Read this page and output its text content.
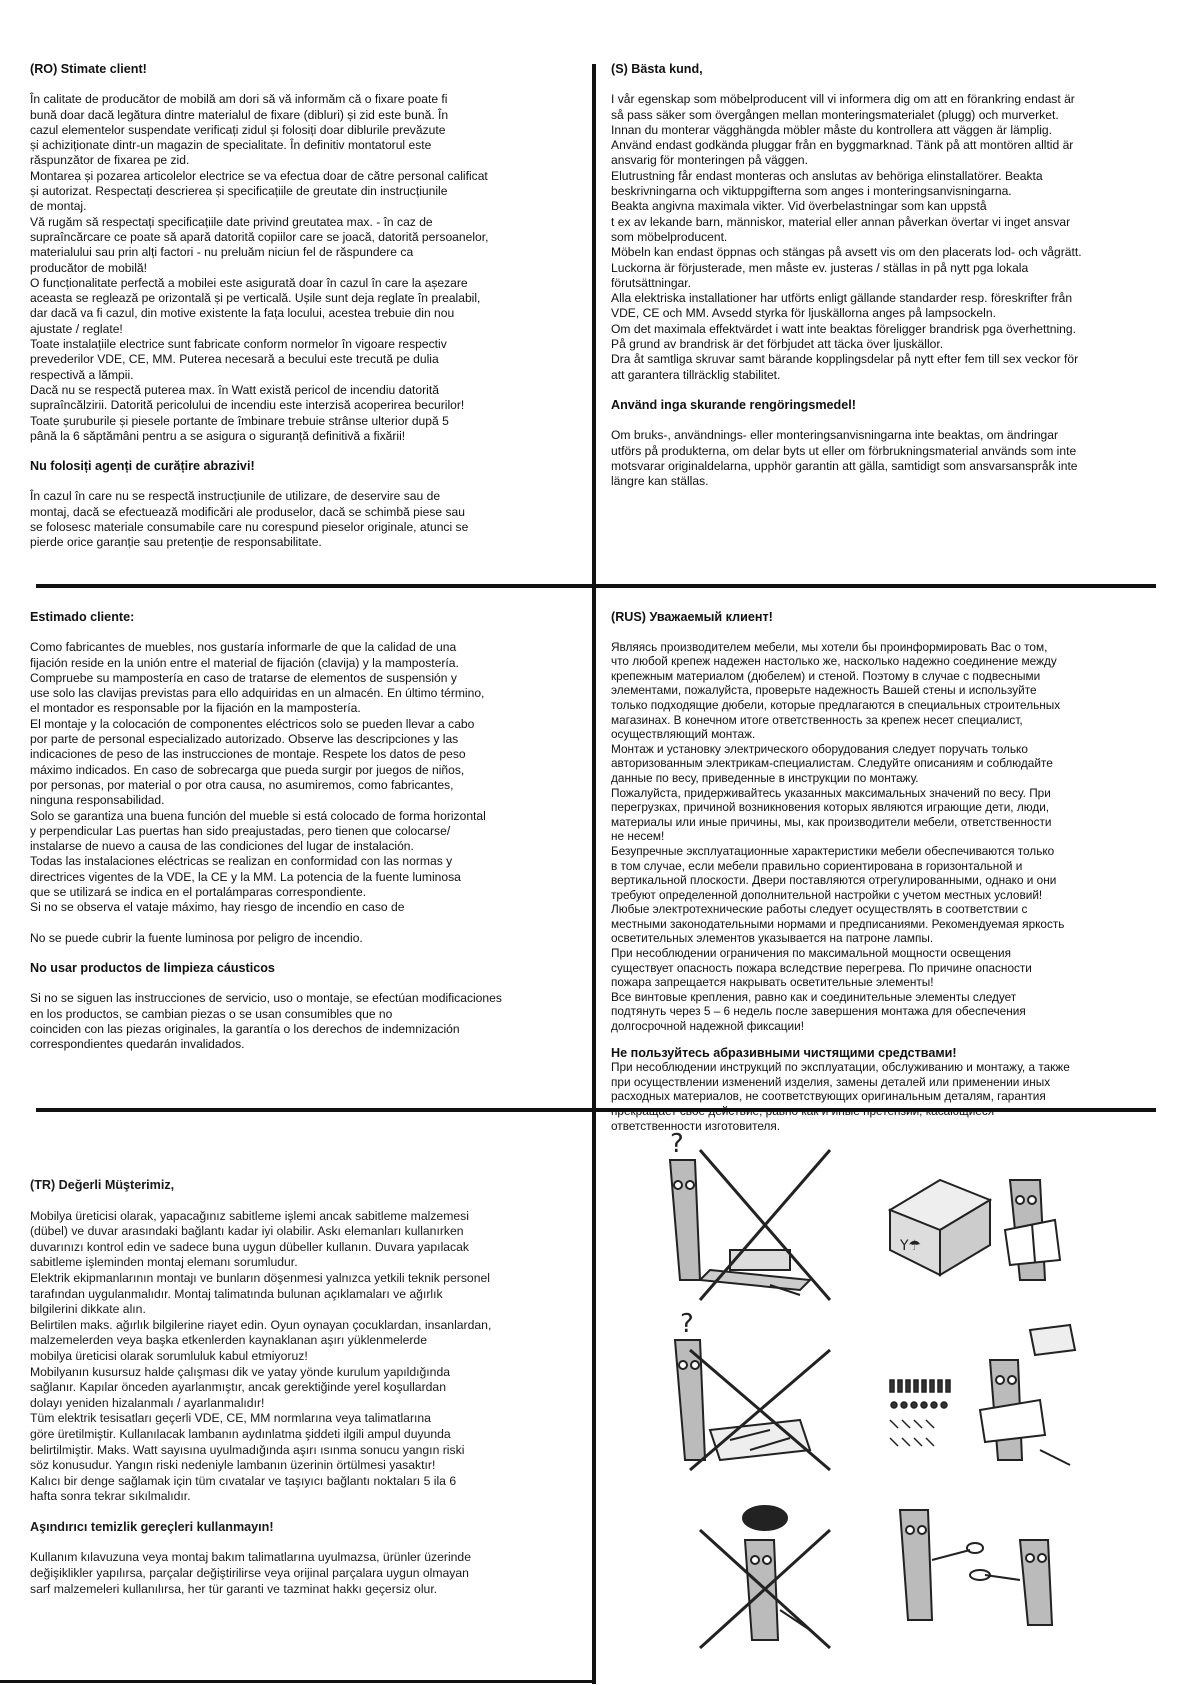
(RO) Stimate client!
În calitate de producător de mobilă am dori să vă informăm că o fixare poate fi
bună doar dacă legătura dintre materialul de fixare (dibluri) și zid este bună. În
cazul elementelor suspendate verificați zidul și folosiți doar diblurile prevăzute
și achiziționate dintr-un magazin de specialitate. În definitiv montatorul este
răspunzător de fixarea pe zid.
Montarea și pozarea articolelor electrice se va efectua doar de către personal calificat
și autorizat. Respectați descrierea și specificațiile de greutate din instrucțiunile
de montaj.
Vă rugăm să respectați specificațiile date privind greutatea max. - în caz de
supraîncărcare ce poate să apară datorită copiilor care se joacă, datorită persoanelor,
materialului sau prin alți factori - nu preluăm niciun fel de răspundere ca
producător de mobilă!
O funcționalitate perfectă a mobilei este asigurată doar în cazul în care la așezare
aceasta se reglează pe orizontală și pe verticală. Ușile sunt deja reglate în prealabil,
dar dacă va fi cazul, din motive existente la fața locului, acestea trebuie din nou
ajustate / reglate!
Toate instalațiile electrice sunt fabricate conform normelor în vigoare respectiv
prevederilor VDE, CE, MM. Puterea necesară a becului este trecută pe dulia
respectivă a lămpii.
Dacă nu se respectă puterea max. în Watt există pericol de incendiu datorită
supraîncălzirii. Datorită pericolului de incendiu este interzisă acoperirea becurilor!
Toate șuruburile și piesele portante de îmbinare trebuie strânse ulterior după 5
până la 6 săptămâni pentru a se asigura o siguranță definitivă a fixării!
Nu folosiți agenți de curățire abrazivi!
În cazul în care nu se respectă instrucțiunile de utilizare, de deservire sau de
montaj, dacă se efectuează modificări ale produselor, dacă se schimbă piese sau
se folosesc materiale consumabile care nu corespund pieselor originale, atunci se
pierde orice garanție sau pretenție de responsabilitate.
(S) Bästa kund,
I vår egenskap som möbelproducent vill vi informera dig om att en förankring endast är
så pass säker som övergången mellan monteringsmaterialet (plugg) och murverket.
Innan du monterar vägghängda möbler måste du kontrollera att väggen är lämplig.
Använd endast godkända pluggar från en byggmarknad. Tänk på att montören alltid är
ansvarig för monteringen på väggen.
Elutrustning får endast monteras och anslutas av behöriga elinstallatörer. Beakta
beskrivningarna och viktuppgifterna som anges i monteringsanvisningarna.
Beakta angivna maximala vikter. Vid överbelastningar som kan uppstå
t ex av lekande barn, människor, material eller annan påverkan övertar vi inget ansvar
som möbelproducent.
Möbeln kan endast öppnas och stängas på avsett vis om den placerats lod- och vågrätt.
Luckorna är förjusterade, men måste ev. justeras / ställas in på nytt pga lokala
förutsättningar.
Alla elektriska installationer har utförts enligt gällande standarder resp. föreskrifter från
VDE, CE och MM. Avsedd styrka för ljuskällorna anges på lampsockeln.
Om det maximala effektvärdet i watt inte beaktas föreligger brandrisk pga överhettning.
På grund av brandrisk är det förbjudet att täcka över ljuskällor.
Dra åt samtliga skruvar samt bärande kopplingsdelar på nytt efter fem till sex veckor för
att garantera tillräcklig stabilitet.
Använd inga skurande rengöringsmedel!
Om bruks-, användnings- eller monteringsanvisningarna inte beaktas, om ändringar
utförs på produkterna, om delar byts ut eller om förbrukningsmaterial används som inte
motsvarar originaldelarna, upphör garantin att gälla, samtidigt som ansvarsanspråk inte
längre kan ställas.
Estimado cliente:
Como fabricantes de muebles, nos gustaría informarle de que la calidad de una
fijación reside en la unión entre el material de fijación (clavija) y la mampostería.
Compruebe su mampostería en caso de tratarse de elementos de suspensión y
use solo las clavijas previstas para ello adquiridas en un almacén. En último término,
el montador es responsable por la fijación en la mampostería.
El montaje y la colocación de componentes eléctricos solo se pueden llevar a cabo
por parte de personal especializado autorizado. Observe las descripciones y las
indicaciones de peso de las instrucciones de montaje. Respete los datos de peso
máximo indicados. En caso de sobrecarga que pueda surgir por juegos de niños,
por personas, por material o por otra causa, no asumiremos, como fabricantes,
ninguna responsabilidad.
Solo se garantiza una buena función del mueble si está colocado de forma horizontal
y perpendicular Las puertas han sido preajustadas, pero tienen que colocarse/
instalarse de nuevo a causa de las condiciones del lugar de instalación.
Todas las instalaciones eléctricas se realizan en conformidad con las normas y
directrices vigentes de la VDE, la CE y la MM. La potencia de la fuente luminosa
que se utilizará se indica en el portalámparas correspondiente.
Si no se observa el vataje máximo, hay riesgo de incendio en caso de
No se puede cubrir la fuente luminosa por peligro de incendio.
No usar productos de limpieza cáusticos
Si no se siguen las instrucciones de servicio, uso o montaje, se efectúan modificaciones
en los productos, se cambian piezas o se usan consumibles que no
coinciden con las piezas originales, la garantía o los derechos de indemnización
correspondientes quedarán invalidados.
(RUS) Уважаемый клиент!
Являясь производителем мебели, мы хотели бы проинформировать Вас о том,
что любой крепеж надежен настолько же, насколько надежно соединение между
крепежным материалом (дюбелем) и стеной. Поэтому в случае с подвесными
элементами, пожалуйста, проверьте надежность Вашей стены и используйте
только подходящие дюбели, которые предлагаются в специальных строительных
магазинах. В конечном итоге ответственность за крепеж несет специалист,
осуществляющий монтаж.
Монтаж и установку электрического оборудования следует поручать только
авторизованным электрикам-специалистам. Следуйте описаниям и соблюдайте
данные по весу, приведенные в инструкции по монтажу.
Пожалуйста, придерживайтесь указанных максимальных значений по весу. При
перегрузках, причиной возникновения которых являются играющие дети, люди,
материалы или иные причины, мы, как производители мебели, ответственности
не несем!
Безупречные эксплуатационные характеристики мебели обеспечиваются только
в том случае, если мебели правильно сориентирована в горизонтальной и
вертикальной плоскости. Двери поставляются отрегулированными, однако и они
требуют определенной дополнительной настройки с учетом местных условий!
Любые электротехнические работы следует осуществлять в соответствии с
местными законодательными нормами и предписаниями. Рекомендуемая яркость
осветительных элементов указывается на патроне лампы.
При несоблюдении ограничения по максимальной мощности освещения
существует опасность пожара вследствие перегрева. По причине опасности
пожара запрещается накрывать осветительные элементы!
Все винтовые крепления, равно как и соединительные элементы следует
подтянуть через 5 – 6 недель после завершения монтажа для обеспечения
долгосрочной надежной фиксации!
Не пользуйтесь абразивными чистящими средствами!
При несоблюдении инструкций по эксплуатации, обслуживанию и монтажу, а также
при осуществлении изменений изделия, замены деталей или применении иных
расходных материалов, не соответствующих оригинальным деталям, гарантия
прекращает свое действие, равно как и иные претензии, касающиеся
ответственности изготовителя.
(TR) Değerli Müşterimiz,
Mobilya üreticisi olarak, yapacağınız sabitleme işlemi ancak sabitleme malzemesi
(dübel) ve duvar arasındaki bağlantı kadar iyi olabilir. Askı elemanları kullanırken
duvarınızı kontrol edin ve sadece buna uygun dübeller kullanın. Duvara yapılacak
sabitleme işleminden montaj elemanı sorumludur.
Elektrik ekipmanlarının montajı ve bunların döşenmesi yalnızca yetkili teknik personel
tarafından uygulanmalıdır. Montaj talimatında bulunan açıklamaları ve ağırlık
bilgilerini dikkate alın.
Belirtilen maks. ağırlık bilgilerine riayet edin. Oyun oynayan çocuklardan, insanlardan,
malzemelerden veya başka etkenlerden kaynaklanan aşırı yüklenmelerde
mobilya üreticisi olarak sorumluluk kabul etmiyoruz!
Mobilyanın kusursuz halde çalışması dik ve yatay yönde kurulum yapıldığında
sağlanır. Kapılar önceden ayarlanmıştır, ancak gerektiğinde yerel koşullardan
dolayı yeniden hizalanmalı / ayarlanmalıdır!
Tüm elektrik tesisatları geçerli VDE, CE, MM normlarına veya talimatlarına
göre üretilmiştir. Kullanılacak lambanın aydınlatma şiddeti ilgili ampul duyunda
belirtilmiştir. Maks. Watt sayısına uyulmadığında aşırı ısınma sonucu yangın riski
söz konusudur. Yangın riski nedeniyle lambanın üzerinin örtülmesi yasaktır!
Kalıcı bir denge sağlamak için tüm cıvatalar ve taşıyıcı bağlantı noktaları 5 ila 6
hafta sonra tekrar sıkılmalıdır.
Aşındırıcı temizlik gereçleri kullanmayın!
Kullanım kılavuzuna veya montaj bakım talimatlarına uyulmazsa, ürünler üzerinde
değişiklikler yapılırsa, parçalar değiştirilirse veya orijinal parçalara uygun olmayan
sarf malzemeleri kullanılırsa, her tür garanti ve tazminat hakkı geçersiz olur.
?
Y☂
?
